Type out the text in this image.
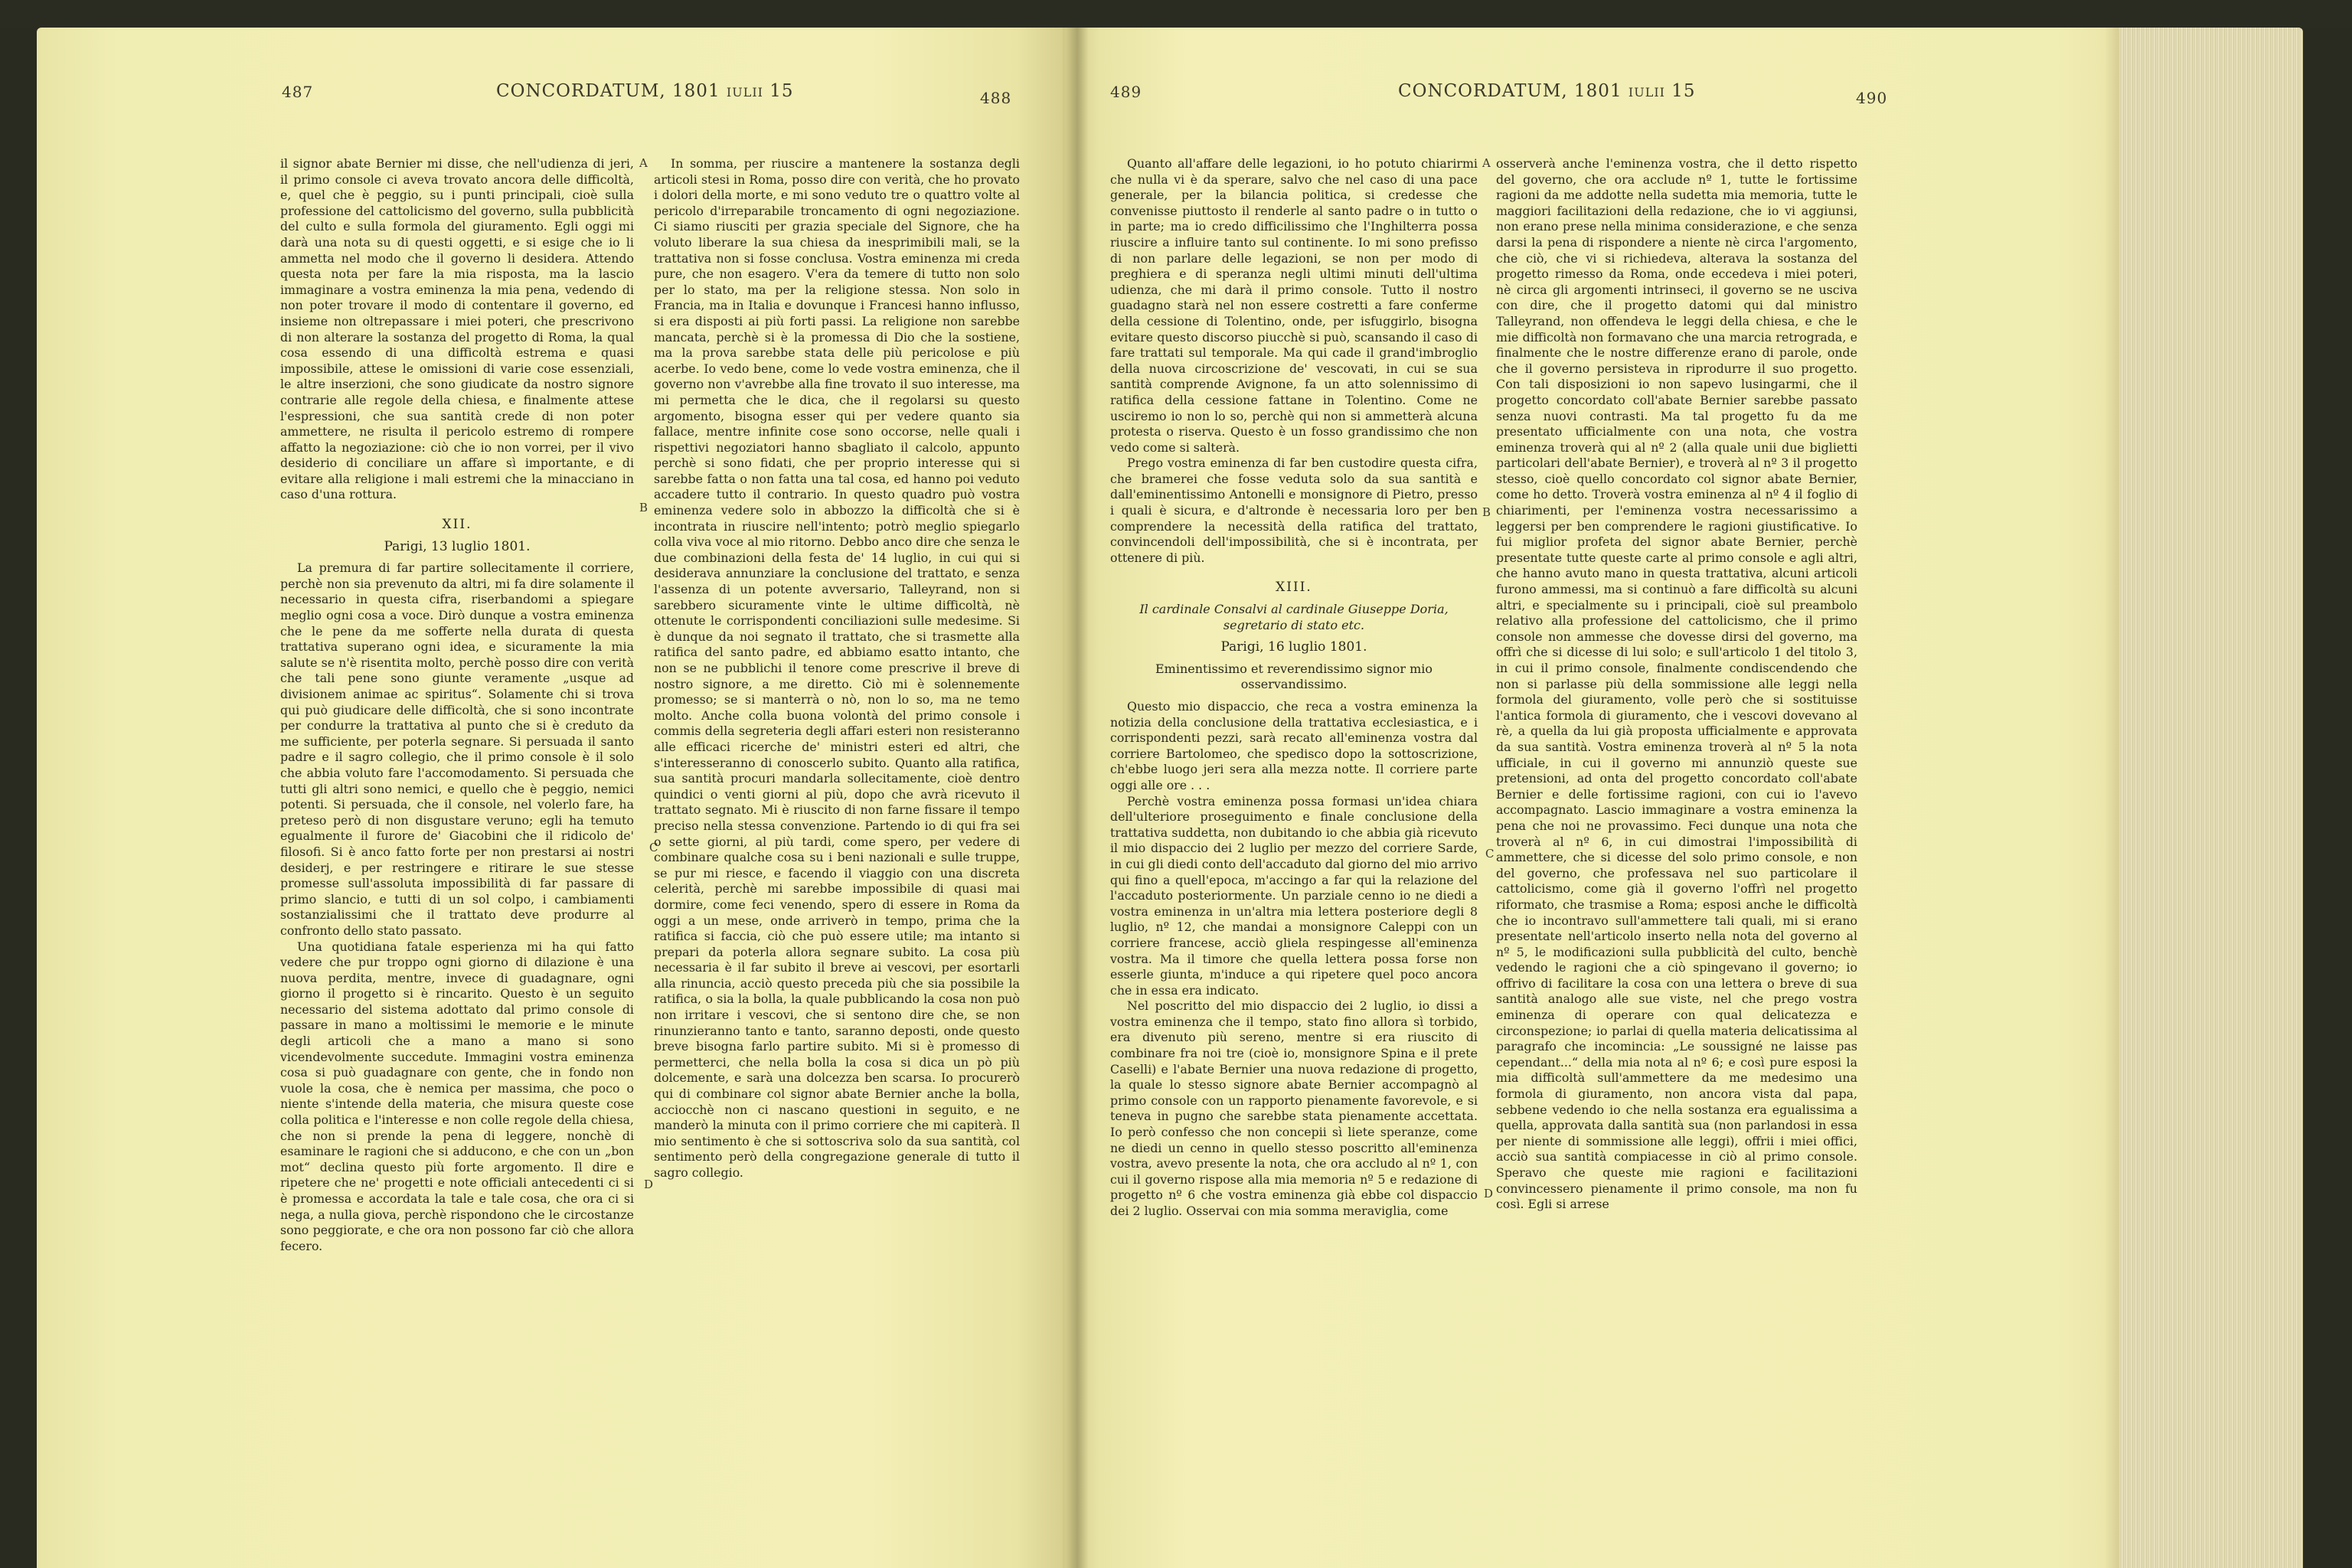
487	CONCORDATUM, 1801 iulii 15	488

il signor abate Bernier mi disse, che nell'udienza di jeri, il primo console ci aveva trovato ancora delle difficoltà, e, quel che è peggio, su i punti principali, cioè sulla professione del cattolicismo del governo, sulla pubblicità del culto e sulla formola del giuramento. Egli oggi mi darà una nota su di questi oggetti, e si esige che io li ammetta nel modo che il governo li desidera. Attendo questa nota per fare la mia risposta, ma la lascio immaginare a vostra eminenza la mia pena, vedendo di non poter trovare il modo di contentare il governo, ed insieme non oltrepassare i miei poteri, che prescrivono di non alterare la sostanza del progetto di Roma, la qual cosa essendo di una difficoltà estrema e quasi impossibile, attese le omissioni di varie cose essenziali, le altre inserzioni, che sono giudicate da nostro signore contrarie alle regole della chiesa, e finalmente attese l'espressioni, che sua santità crede di non poter ammettere, ne risulta il pericolo estremo di rompere affatto la negoziazione: ciò che io non vorrei, per il vivo desiderio di conciliare un affare sì importante, e di evitare alla religione i mali estremi che la minacciano in caso d'una rottura.

XII.
Parigi, 13 luglio 1801.

La premura di far partire sollecitamente il corriere, perchè non sia prevenuto da altri, mi fa dire solamente il necessario in questa cifra, riserbandomi a spiegare meglio ogni cosa a voce. Dirò dunque a vostra eminenza che le pene da me sofferte nella durata di questa trattativa superano ogni idea, e sicuramente la mia salute se n'è risentita molto, perchè posso dire con verità che tali pene sono giunte veramente „usque ad divisionem animae ac spiritus“. Solamente chi si trova qui può giudicare delle difficoltà, che si sono incontrate per condurre la trattativa al punto che si è creduto da me sufficiente, per poterla segnare. Si persuada il santo padre e il sagro collegio, che il primo console è il solo che abbia voluto fare l'accomodamento. Si persuada che tutti gli altri sono nemici, e quello che è peggio, nemici potenti. Si persuada, che il console, nel volerlo fare, ha preteso però di non disgustare veruno; egli ha temuto egualmente il furore de' Giacobini che il ridicolo de' filosofi. Si è anco fatto forte per non prestarsi ai nostri desiderj, e per restringere e ritirare le sue stesse promesse sull'assoluta impossibilità di far passare di primo slancio, e tutti di un sol colpo, i cambiamenti sostanzialissimi che il trattato deve produrre al confronto dello stato passato.

Una quotidiana fatale esperienza mi ha qui fatto vedere che pur troppo ogni giorno di dilazione è una nuova perdita, mentre, invece di guadagnare, ogni giorno il progetto si è rincarito. Questo è un seguito necessario del sistema adottato dal primo console di passare in mano a moltissimi le memorie e le minute degli articoli che a mano a mano si sono vicendevolmente succedute. Immagini vostra eminenza cosa si può guadagnare con gente, che in fondo non vuole la cosa, che è nemica per massima, che poco o niente s'intende della materia, che misura queste cose colla politica e l'interesse e non colle regole della chiesa, che non si prende la pena di leggere, nonchè di esaminare le ragioni che si adducono, e che con un „bon mot“ declina questo più forte argomento. Il dire e ripetere che ne' progetti e note officiali antecedenti ci si è promessa e accordata la tale e tale cosa, che ora ci si nega, a nulla giova, perchè rispondono che le circostanze sono peggiorate, e che ora non possono far ciò che allora fecero.

A
B
C
D

In somma, per riuscire a mantenere la sostanza degli articoli stesi in Roma, posso dire con verità, che ho provato i dolori della morte, e mi sono veduto tre o quattro volte al pericolo d'irreparabile troncamento di ogni negoziazione. Ci siamo riusciti per grazia speciale del Signore, che ha voluto liberare la sua chiesa da inesprimibili mali, se la trattativa non si fosse conclusa. Vostra eminenza mi creda pure, che non esagero. V'era da temere di tutto non solo per lo stato, ma per la religione stessa. Non solo in Francia, ma in Italia e dovunque i Francesi hanno influsso, si era disposti ai più forti passi. La religione non sarebbe mancata, perchè si è la promessa di Dio che la sostiene, ma la prova sarebbe stata delle più pericolose e più acerbe. Io vedo bene, come lo vede vostra eminenza, che il governo non v'avrebbe alla fine trovato il suo interesse, ma mi permetta che le dica, che il regolarsi su questo argomento, bisogna esser qui per vedere quanto sia fallace, mentre infinite cose sono occorse, nelle quali i rispettivi negoziatori hanno sbagliato il calcolo, appunto perchè si sono fidati, che per proprio interesse qui si sarebbe fatta o non fatta una tal cosa, ed hanno poi veduto accadere tutto il contrario. In questo quadro può vostra eminenza vedere solo in abbozzo la difficoltà che si è incontrata in riuscire nell'intento; potrò meglio spiegarlo colla viva voce al mio ritorno. Debbo anco dire che senza le due combinazioni della festa de' 14 luglio, in cui qui si desiderava annunziare la conclusione del trattato, e senza l'assenza di un potente avversario, Talleyrand, non si sarebbero sicuramente vinte le ultime difficoltà, nè ottenute le corrispondenti conciliazioni sulle medesime. Si è dunque da noi segnato il trattato, che si trasmette alla ratifica del santo padre, ed abbiamo esatto intanto, che non se ne pubblichi il tenore come prescrive il breve di nostro signore, a me diretto. Ciò mi è solennemente promesso; se si manterrà o nò, non lo so, ma ne temo molto. Anche colla buona volontà del primo console i commis della segreteria degli affari esteri non resisteranno alle efficaci ricerche de' ministri esteri ed altri, che s'interesseranno di conoscerlo subito. Quanto alla ratifica, sua santità procuri mandarla sollecitamente, cioè dentro quindici o venti giorni al più, dopo che avrà ricevuto il trattato segnato. Mi è riuscito di non farne fissare il tempo preciso nella stessa convenzione. Partendo io di qui fra sei o sette giorni, al più tardi, come spero, per vedere di combinare qualche cosa su i beni nazionali e sulle truppe, se pur mi riesce, e facendo il viaggio con una discreta celerità, perchè mi sarebbe impossibile di quasi mai dormire, come feci venendo, spero di essere in Roma da oggi a un mese, onde arriverò in tempo, prima che la ratifica si faccia, ciò che può essere utile; ma intanto si prepari da poterla allora segnare subito. La cosa più necessaria è il far subito il breve ai vescovi, per esortarli alla rinuncia, acciò questo preceda più che sia possibile la ratifica, o sia la bolla, la quale pubblicando la cosa non può non irritare i vescovi, che si sentono dire che, se non rinunzieranno tanto e tanto, saranno deposti, onde questo breve bisogna farlo partire subito. Mi si è promesso di permetterci, che nella bolla la cosa si dica un pò più dolcemente, e sarà una dolcezza ben scarsa. Io procurerò qui di combinare col signor abate Bernier anche la bolla, acciocchè non ci nascano questioni in seguito, e ne manderò la minuta con il primo corriere che mi capiterà. Il mio sentimento è che si sottoscriva solo da sua santità, col sentimento però della congregazione generale di tutto il sagro collegio.

489	CONCORDATUM, 1801 iulii 15	490

Quanto all'affare delle legazioni, io ho potuto chiarirmi che nulla vi è da sperare, salvo che nel caso di una pace generale, per la bilancia politica, si credesse che convenisse piuttosto il renderle al santo padre o in tutto o in parte; ma io credo difficilissimo che l'Inghilterra possa riuscire a influire tanto sul continente. Io mi sono prefisso di non parlare delle legazioni, se non per modo di preghiera e di speranza negli ultimi minuti dell'ultima udienza, che mi darà il primo console. Tutto il nostro guadagno starà nel non essere costretti a fare conferme della cessione di Tolentino, onde, per isfuggirlo, bisogna evitare questo discorso piucchè si può, scansando il caso di fare trattati sul temporale. Ma qui cade il grand'imbroglio della nuova circoscrizione de' vescovati, in cui se sua santità comprende Avignone, fa un atto solennissimo di ratifica della cessione fattane in Tolentino. Come ne usciremo io non lo so, perchè qui non si ammetterà alcuna protesta o riserva. Questo è un fosso grandissimo che non vedo come si salterà.

Prego vostra eminenza di far ben custodire questa cifra, che bramerei che fosse veduta solo da sua santità e dall'eminentissimo Antonelli e monsignore di Pietro, presso i quali è sicura, e d'altronde è necessaria loro per ben comprendere la necessità della ratifica del trattato, convincendoli dell'impossibilità, che si è incontrata, per ottenere di più.

XIII.
Il cardinale Consalvi al cardinale Giuseppe Doria, segretario di stato etc.
Parigi, 16 luglio 1801.
Eminentissimo et reverendissimo signor mio osservandissimo.

Questo mio dispaccio, che reca a vostra eminenza la notizia della conclusione della trattativa ecclesiastica, e i corrispondenti pezzi, sarà recato all'eminenza vostra dal corriere Bartolomeo, che spedisco dopo la sottoscrizione, ch'ebbe luogo jeri sera alla mezza notte. Il corriere parte oggi alle ore . . .

Perchè vostra eminenza possa formasi un'idea chiara dell'ulteriore proseguimento e finale conclusione della trattativa suddetta, non dubitando io che abbia già ricevuto il mio dispaccio dei 2 luglio per mezzo del corriere Sarde, in cui gli diedi conto dell'accaduto dal giorno del mio arrivo qui fino a quell'epoca, m'accingo a far qui la relazione del l'accaduto posteriormente. Un parziale cenno io ne diedi a vostra eminenza in un'altra mia lettera posteriore degli 8 luglio, nº 12, che mandai a monsignore Caleppi con un corriere francese, acciò gliela respingesse all'eminenza vostra. Ma il timore che quella lettera possa forse non esserle giunta, m'induce a qui ripetere quel poco ancora che in essa era indicato.

Nel poscritto del mio dispaccio dei 2 luglio, io dissi a vostra eminenza che il tempo, stato fino allora sì torbido, era divenuto più sereno, mentre si era riuscito di combinare fra noi tre (cioè io, monsignore Spina e il prete Caselli) e l'abate Bernier una nuova redazione di progetto, la quale lo stesso signore abate Bernier accompagnò al primo console con un rapporto pienamente favorevole, e si teneva in pugno che sarebbe stata pienamente accettata. Io però confesso che non concepii sì liete speranze, come ne diedi un cenno in quello stesso poscritto all'eminenza vostra, avevo presente la nota, che ora accludo al nº 1, con cui il governo rispose alla mia memoria nº 5 e redazione di progetto nº 6 che vostra eminenza già ebbe col dispaccio dei 2 luglio. Osservai con mia somma meraviglia, come

A
B
C
D

osserverà anche l'eminenza vostra, che il detto rispetto del governo, che ora acclude nº 1, tutte le fortissime ragioni da me addotte nella sudetta mia memoria, tutte le maggiori facilitazioni della redazione, che io vi aggiunsi, non erano prese nella minima considerazione, e che senza darsi la pena di rispondere a niente nè circa l'argomento, che ciò, che vi si richiedeva, alterava la sostanza del progetto rimesso da Roma, onde eccedeva i miei poteri, nè circa gli argomenti intrinseci, il governo se ne usciva con dire, che il progetto datomi qui dal ministro Talleyrand, non offendeva le leggi della chiesa, e che le mie difficoltà non formavano che una marcia retrograda, e finalmente che le nostre differenze erano di parole, onde che il governo persisteva in riprodurre il suo progetto. Con tali disposizioni io non sapevo lusingarmi, che il progetto concordato coll'abate Bernier sarebbe passato senza nuovi contrasti. Ma tal progetto fu da me presentato ufficialmente con una nota, che vostra eminenza troverà qui al nº 2 (alla quale unii due biglietti particolari dell'abate Bernier), e troverà al nº 3 il progetto stesso, cioè quello concordato col signor abate Bernier, come ho detto. Troverà vostra eminenza al nº 4 il foglio di chiarimenti, per l'eminenza vostra necessarissimo a leggersi per ben comprendere le ragioni giustificative. Io fui miglior profeta del signor abate Bernier, perchè presentate tutte queste carte al primo console e agli altri, che hanno avuto mano in questa trattativa, alcuni articoli furono ammessi, ma si continuò a fare difficoltà su alcuni altri, e specialmente su i principali, cioè sul preambolo relativo alla professione del cattolicismo, che il primo console non ammesse che dovesse dirsi del governo, ma offrì che si dicesse di lui solo; e sull'articolo 1 del titolo 3, in cui il primo console, finalmente condiscendendo che non si parlasse più della sommissione alle leggi nella formola del giuramento, volle però che si sostituisse l'antica formola di giuramento, che i vescovi dovevano al rè, a quella da lui già proposta ufficialmente e approvata da sua santità. Vostra eminenza troverà al nº 5 la nota ufficiale, in cui il governo mi annunziò queste sue pretensioni, ad onta del progetto concordato coll'abate Bernier e delle fortissime ragioni, con cui io l'avevo accompagnato. Lascio immaginare a vostra eminenza la pena che noi ne provassimo. Feci dunque una nota che troverà al nº 6, in cui dimostrai l'impossibilità di ammettere, che si dicesse del solo primo console, e non del governo, che professava nel suo particolare il cattolicismo, come già il governo l'offrì nel progetto riformato, che trasmise a Roma; esposi anche le difficoltà che io incontravo sull'ammettere tali quali, mi si erano presentate nell'articolo inserto nella nota del governo al nº 5, le modificazioni sulla pubblicità del culto, benchè vedendo le ragioni che a ciò spingevano il governo; io offrivo di facilitare la cosa con una lettera o breve di sua santità analogo alle sue viste, nel che prego vostra eminenza di operare con qual delicatezza e circonspezione; io parlai di quella materia delicatissima al paragrafo che incominciа: „Le soussigné ne laisse pas cependant...“ della mia nota al nº 6; e così pure esposi la mia difficoltà sull'ammettere da me medesimo una formola di giuramento, non ancora vista dal papa, sebbene vedendo io che nella sostanza era egualissima a quella, approvata dalla santità sua (non parlandosi in essa per niente di sommissione alle leggi), offrii i miei offici, acciò sua santità compiacesse in ciò al primo console. Speravo che queste mie ragioni e facilitazioni convincessero pienamente il primo console, ma non fu così. Egli si arrese
